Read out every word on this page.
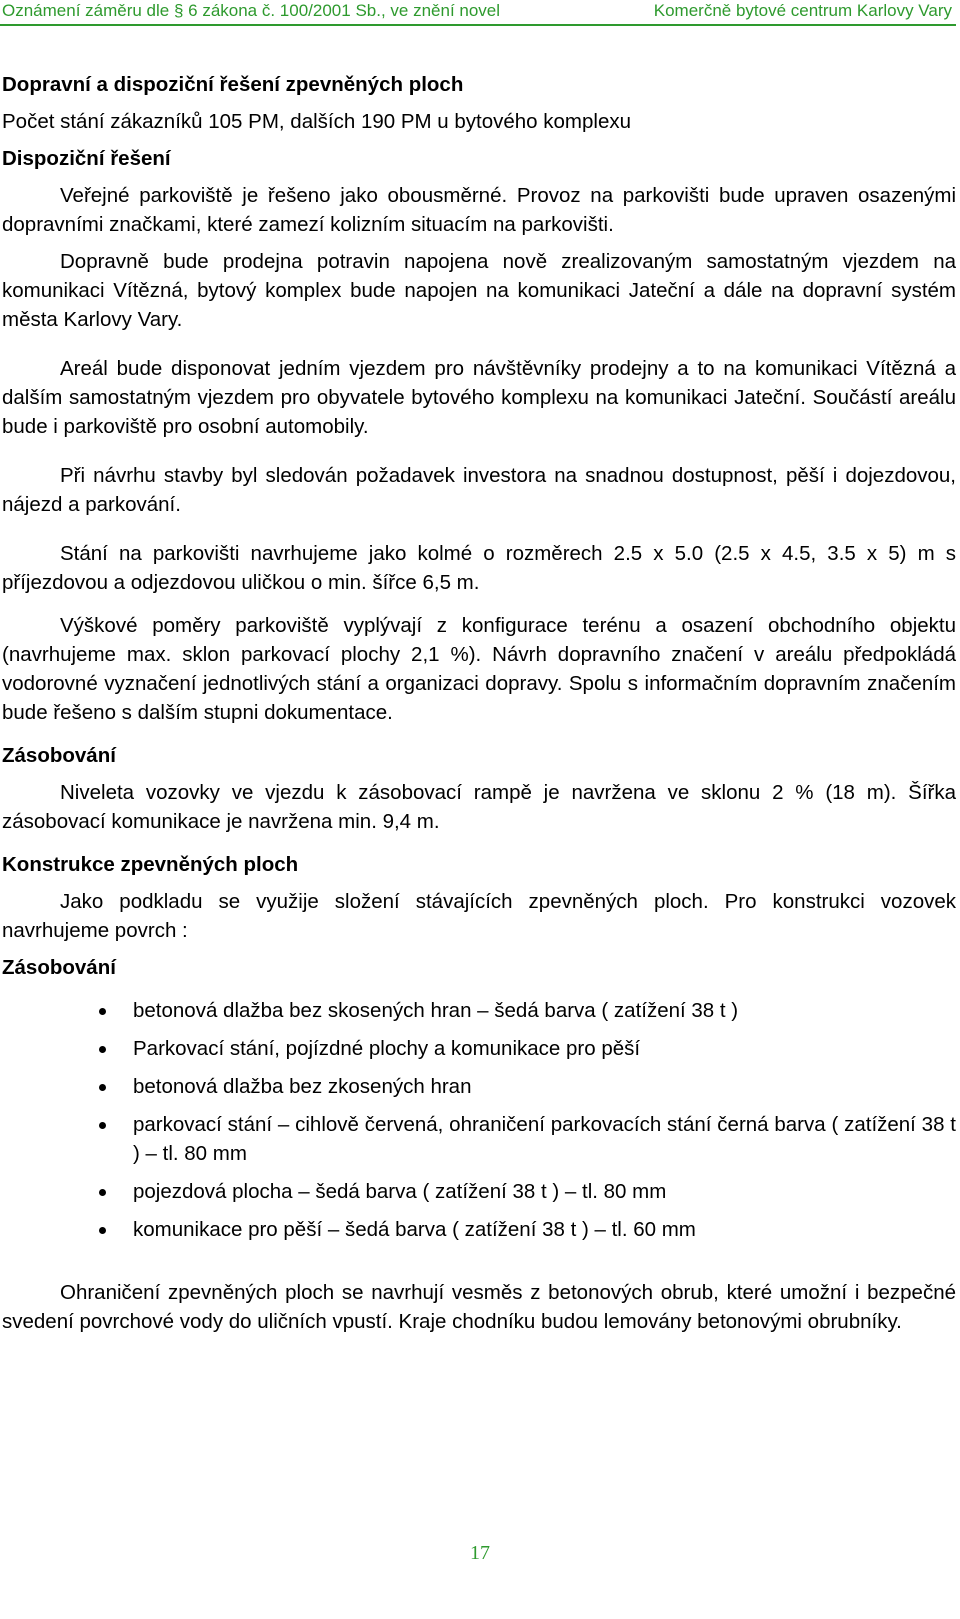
Oznámení záměru dle § 6 zákona č. 100/2001 Sb., ve znění novel	Komerčně bytové centrum Karlovy Vary

Dopravní a dispoziční řešení zpevněných ploch

Počet stání zákazníků 105 PM, dalších 190 PM u bytového komplexu

Dispoziční řešení

Veřejné parkoviště je řešeno jako obousměrné. Provoz na parkovišti bude upraven osazenými dopravními značkami, které zamezí kolizním situacím na parkovišti.

Dopravně bude prodejna potravin napojena nově zrealizovaným samostatným vjezdem na komunikaci Vítězná, bytový komplex bude napojen na komunikaci Jateční a dále na dopravní systém města Karlovy Vary.

Areál bude disponovat jedním vjezdem pro návštěvníky prodejny a to na komunikaci Vítězná a dalším samostatným vjezdem pro obyvatele bytového komplexu na komunikaci Jateční. Součástí areálu bude i parkoviště pro osobní automobily.

Při návrhu stavby byl sledován požadavek investora na snadnou dostupnost, pěší i dojezdovou, nájezd a parkování.

Stání na parkovišti navrhujeme jako kolmé o rozměrech 2.5 x 5.0 (2.5 x 4.5, 3.5 x 5) m s příjezdovou a odjezdovou uličkou o min. šířce 6,5 m.

Výškové poměry parkoviště vyplývají z konfigurace terénu a osazení obchodního objektu (navrhujeme max. sklon parkovací plochy 2,1 %). Návrh dopravního značení v areálu předpokládá vodorovné vyznačení jednotlivých stání a organizaci dopravy. Spolu s informačním dopravním značením bude řešeno s dalším stupni dokumentace.

Zásobování

Niveleta vozovky ve vjezdu k zásobovací rampě je navržena ve sklonu 2 % (18 m). Šířka zásobovací komunikace je navržena min. 9,4 m.

Konstrukce zpevněných ploch

Jako podkladu se využije složení stávajících zpevněných ploch. Pro konstrukci vozovek navrhujeme povrch :

Zásobování

betonová dlažba bez skosených hran – šedá barva ( zatížení 38 t )
Parkovací stání, pojízdné plochy a komunikace pro pěší
betonová dlažba bez zkosených hran
parkovací stání – cihlově červená, ohraničení parkovacích stání černá barva ( zatížení 38 t ) – tl. 80 mm
pojezdová plocha – šedá barva ( zatížení 38 t ) – tl. 80 mm
komunikace pro pěší – šedá barva ( zatížení 38 t ) – tl. 60 mm

Ohraničení zpevněných ploch se navrhují vesměs z betonových obrub, které umožní i bezpečné svedení povrchové vody do uličních vpustí. Kraje chodníku budou lemovány betonovými obrubníky.

17
